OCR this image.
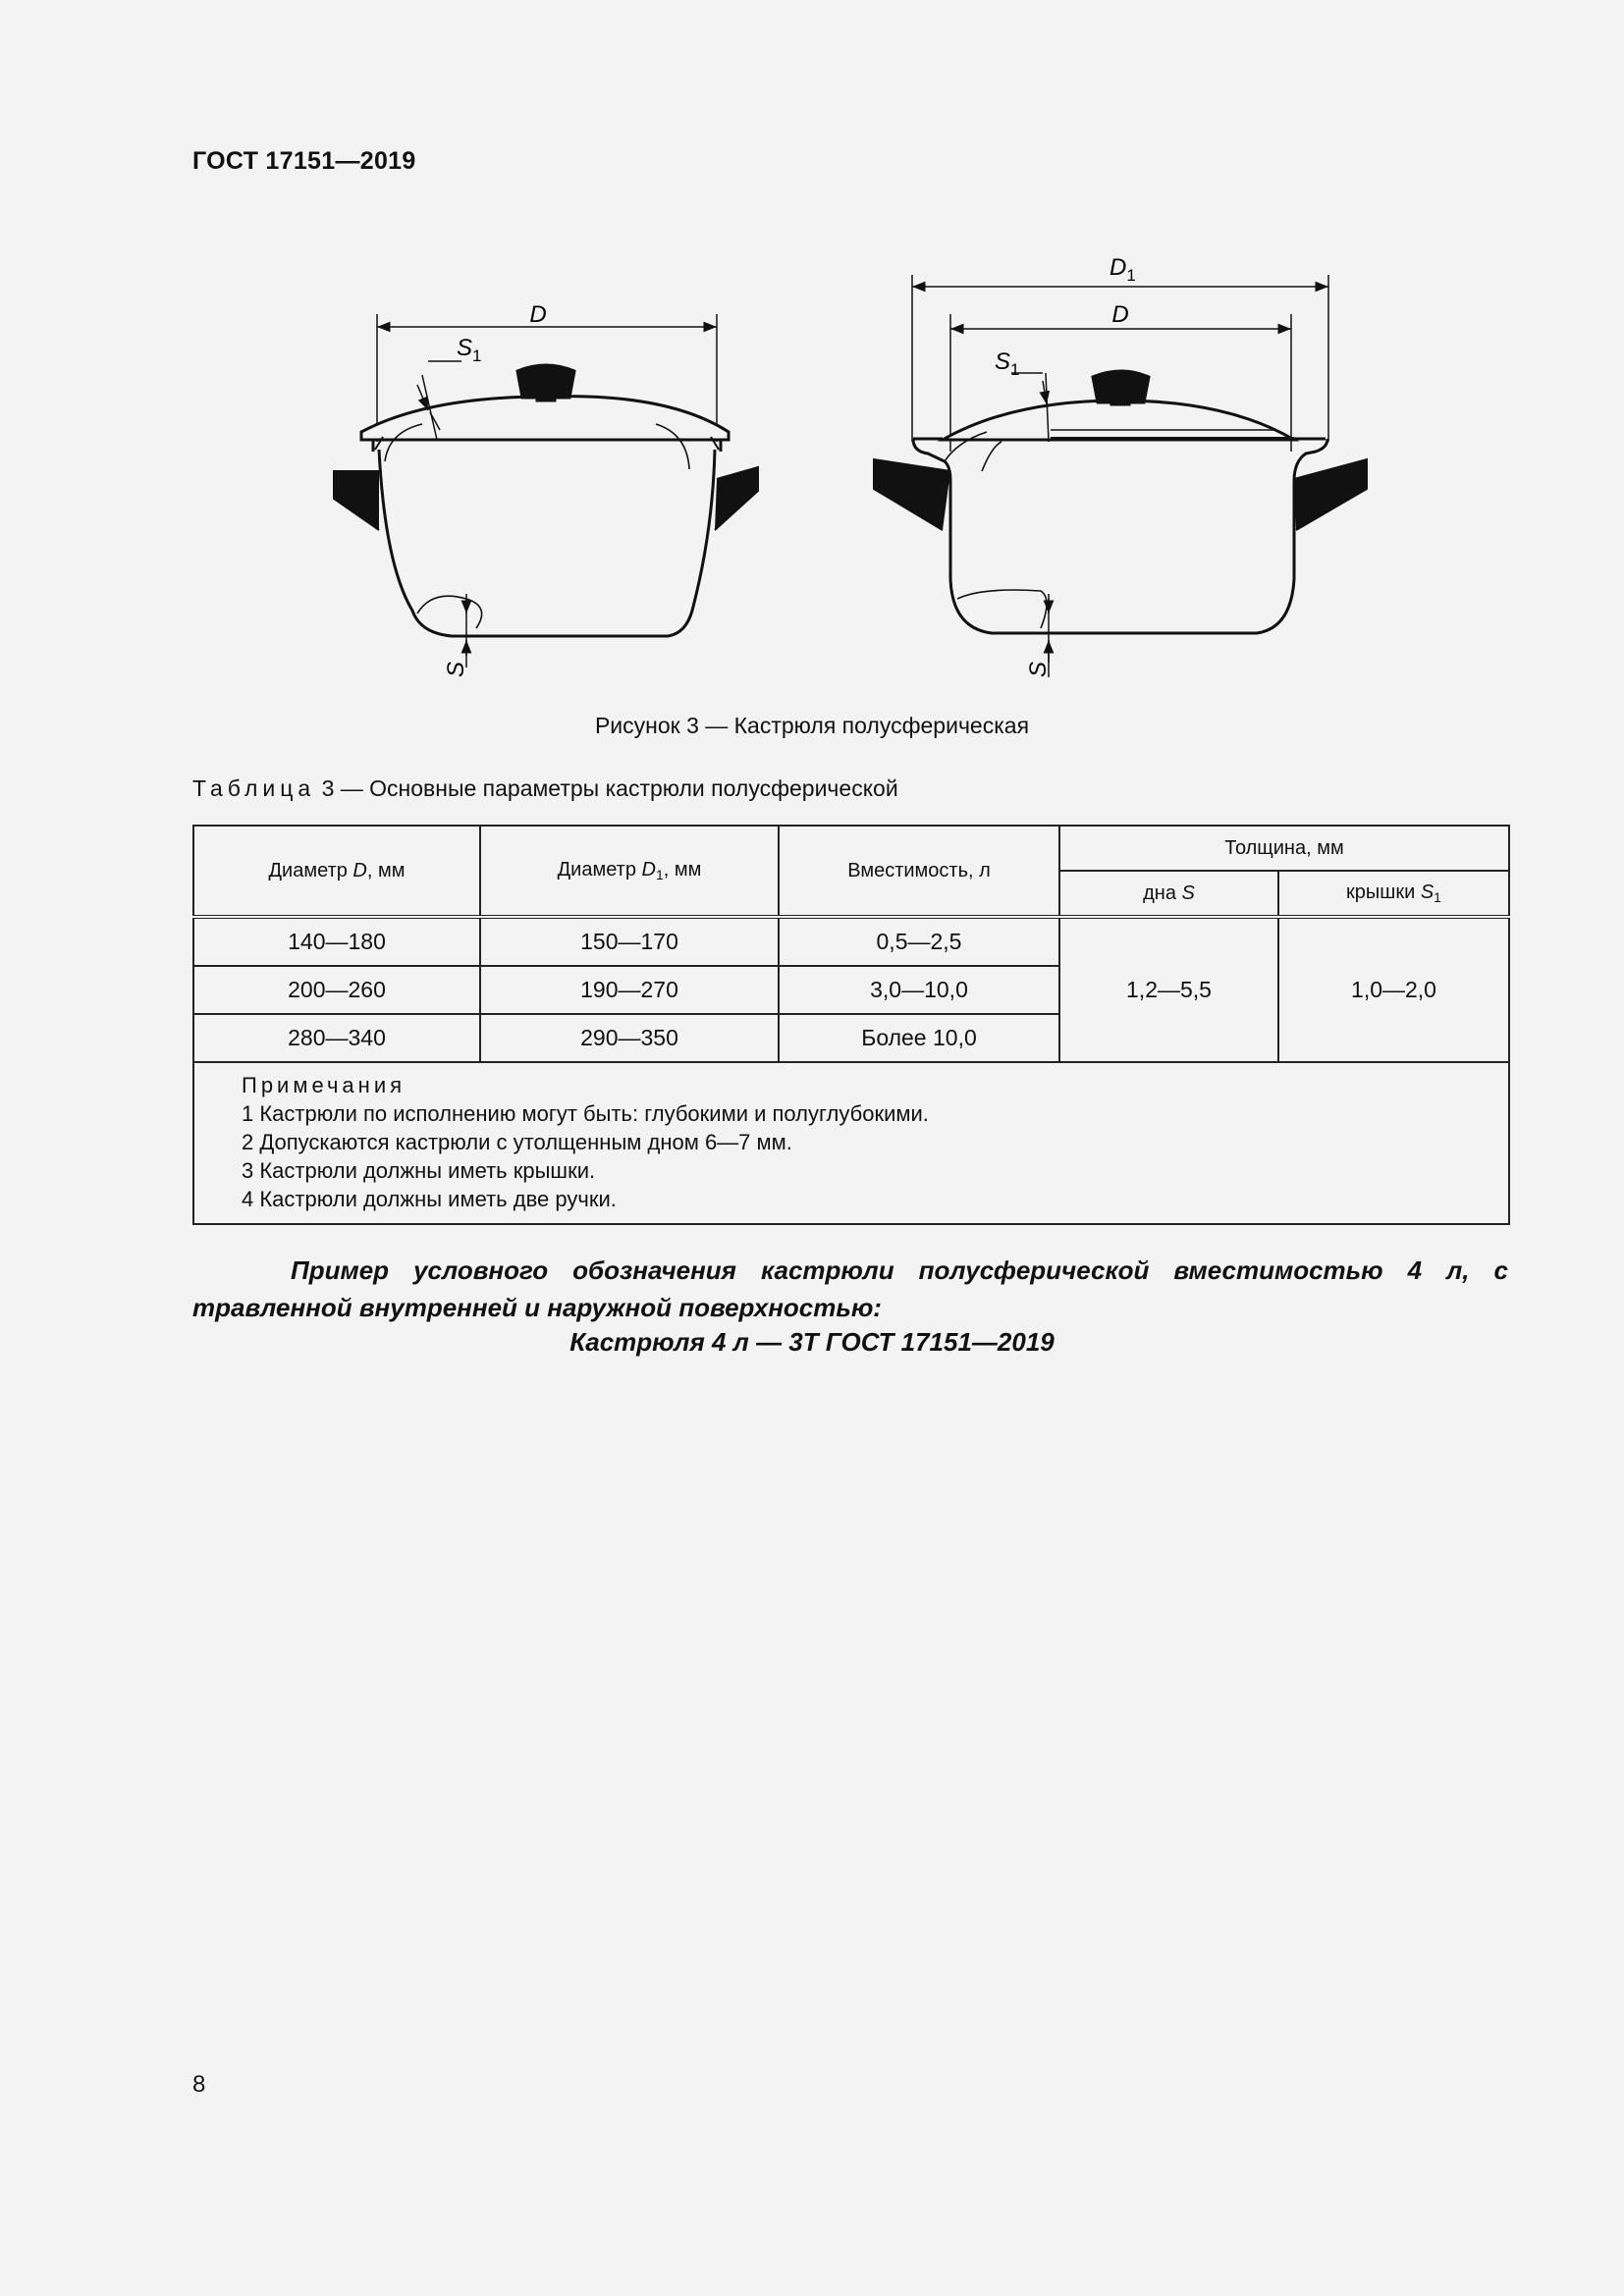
ГОСТ 17151—2019
D
$S_1$
S
$D_1$
D
$S_1$
S
Рисунок 3 — Кастрюля полусферическая
Таблица 3 — Основные параметры кастрюли полусферической
Диаметр D, мм	Диаметр $D_1$, мм	Вместимость, л	Толщина, мм	
			дна S	крышки $S_1$
140—180	150—170	0,5—2,5	1,2—5,5	1,0—2,0
200—260	190—270	3,0—10,0		
280—340	290—350	Более 10,0		

Примечания
1 Кастрюли по исполнению могут быть: глубокими и полуглубокими.
2 Допускаются кастрюли с утолщенным дном 6—7 мм.
3 Кастрюли должны иметь крышки.
4 Кастрюли должны иметь две ручки.				
Пример условного обозначения кастрюли полусферической вместимостью 4 л, с травленной внутренней и наружной поверхностью:
Кастрюля 4 л — 3Т ГОСТ 17151—2019
8
